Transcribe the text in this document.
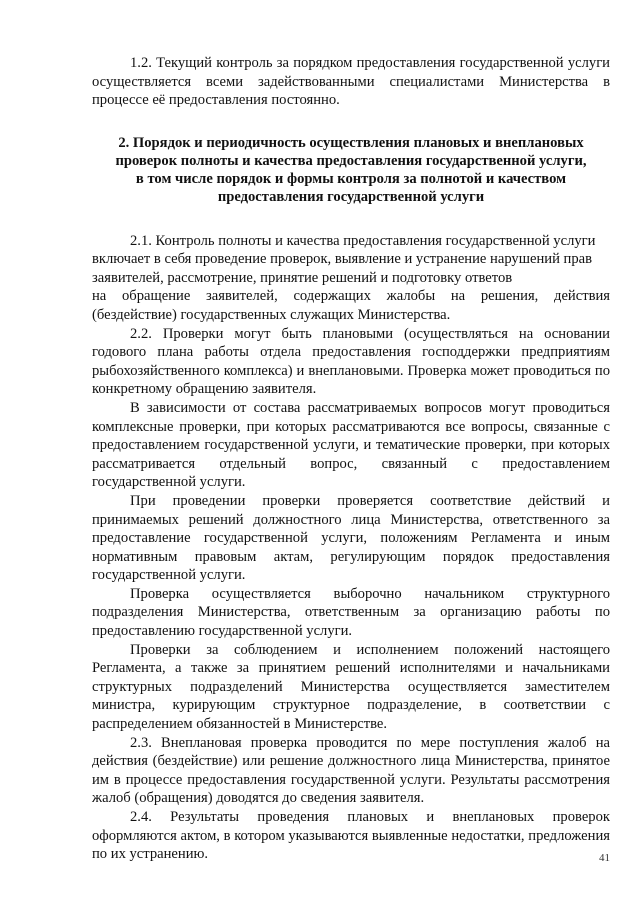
1.2. Текущий контроль за порядком предоставления государственной услуги осуществляется всеми задействованными специалистами Министерства в процессе её предоставления постоянно.

2. Порядок и периодичность осуществления плановых и внеплановых
проверок полноты и качества предоставления государственной услуги,
в том числе порядок и формы контроля за полнотой и качеством
предоставления государственной услуги

2.1. Контроль полноты и качества предоставления государственной услуги включает в себя проведение проверок, выявление и устранение нарушений прав заявителей, рассмотрение, принятие решений и подготовку ответов

на обращение заявителей, содержащих жалобы на решения, действия (бездействие) государственных служащих Министерства.

2.2. Проверки могут быть плановыми (осуществляться на основании годового плана работы отдела предоставления господдержки предприятиям рыбохозяйственного комплекса) и внеплановыми. Проверка может проводиться по конкретному обращению заявителя.

В зависимости от состава рассматриваемых вопросов могут проводиться комплексные проверки, при которых рассматриваются все вопросы, связанные с предоставлением государственной услуги, и тематические проверки, при которых рассматривается отдельный вопрос, связанный с предоставлением государственной услуги.

При проведении проверки проверяется соответствие действий и принимаемых решений должностного лица Министерства, ответственного за предоставление государственной услуги, положениям Регламента и иным нормативным правовым актам, регулирующим порядок предоставления государственной услуги.

Проверка осуществляется выборочно начальником структурного подразделения Министерства, ответственным за организацию работы по предоставлению государственной услуги.

Проверки за соблюдением и исполнением положений настоящего Регламента, а также за принятием решений исполнителями и начальниками структурных подразделений Министерства осуществляется заместителем министра, курирующим структурное подразделение, в соответствии с распределением обязанностей в Министерстве.

2.3. Внеплановая проверка проводится по мере поступления жалоб на действия (бездействие) или решение должностного лица Министерства, принятое им в процессе предоставления государственной услуги. Результаты рассмотрения жалоб (обращения) доводятся до сведения заявителя.

2.4. Результаты проведения плановых и внеплановых проверок оформляются актом, в котором указываются выявленные недостатки, предложения по их устранению.	41
